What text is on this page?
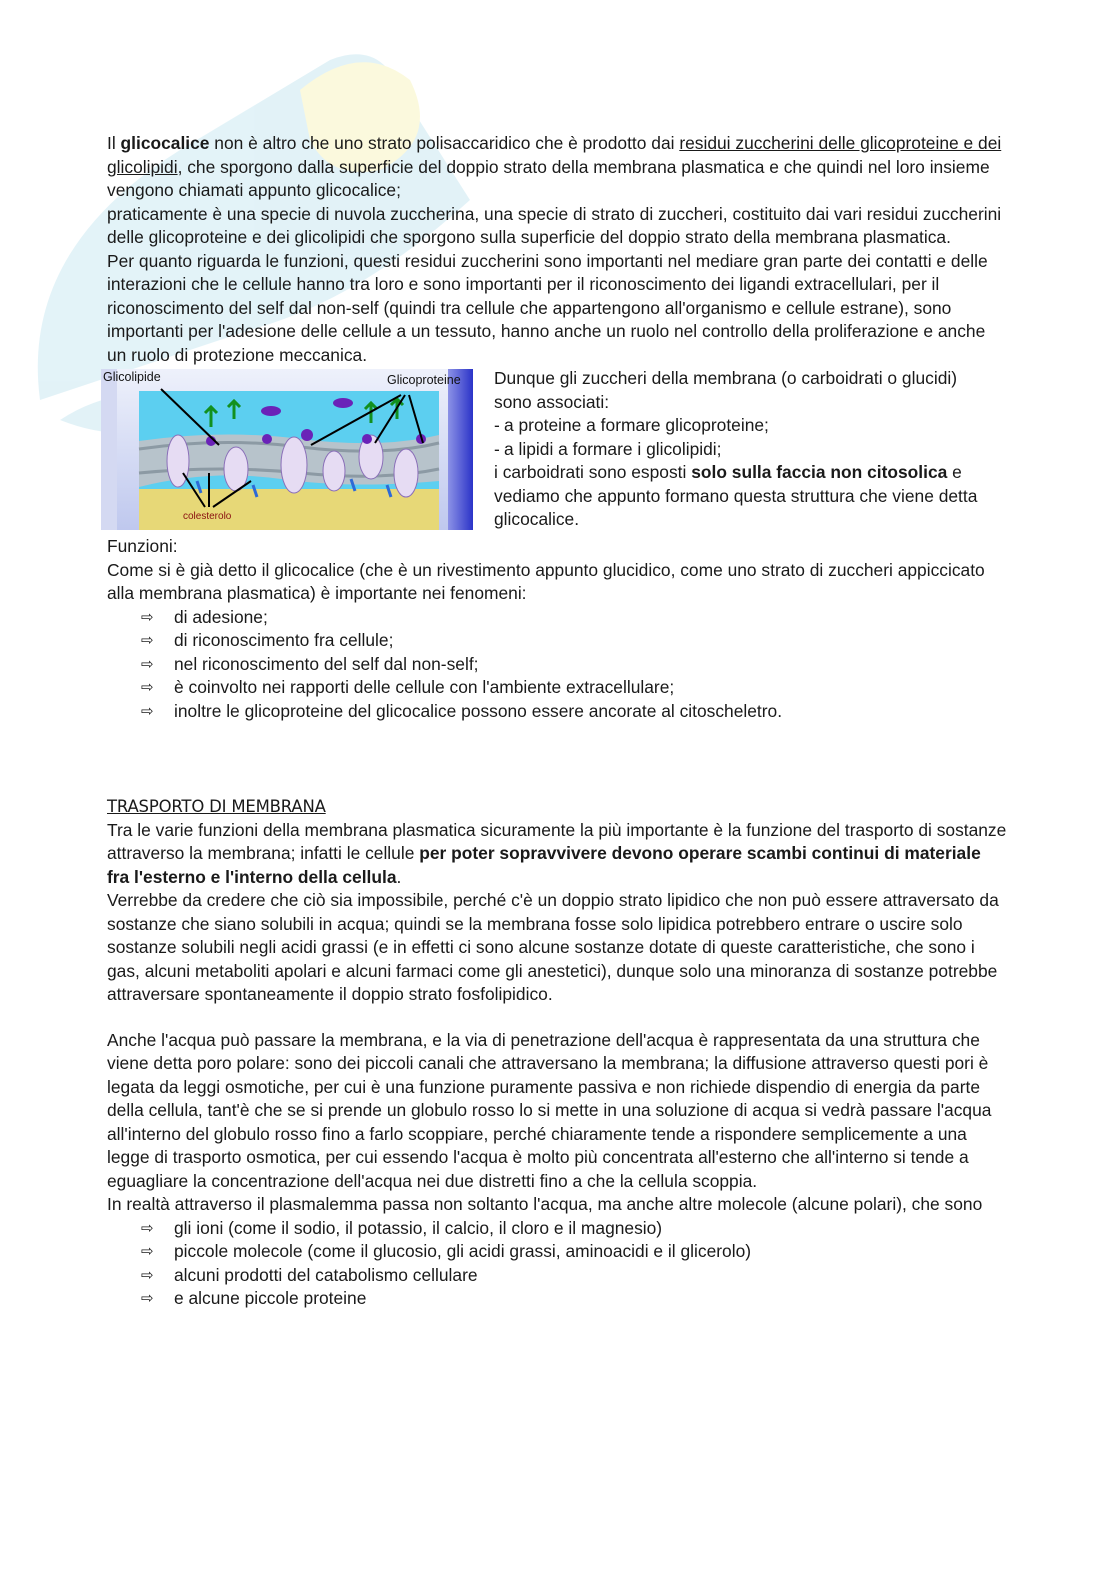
Il glicocalice non è altro che uno strato polisaccaridico che è prodotto dai residui zuccherini delle glicoproteine e dei glicolipidi, che sporgono dalla superficie del doppio strato della membrana plasmatica e che quindi nel loro insieme vengono chiamati appunto glicocalice;

praticamente è una specie di nuvola zuccherina, una specie di strato di zuccheri, costituito dai vari residui zuccherini delle glicoproteine e dei glicolipidi che sporgono sulla superficie del doppio strato della membrana plasmatica.

Per quanto riguarda le funzioni, questi residui zuccherini sono importanti nel mediare gran parte dei contatti e delle interazioni che le cellule hanno tra loro e sono importanti per il riconoscimento dei ligandi extracellulari, per il riconoscimento del self dal non-self (quindi tra cellule che appartengono all'organismo e cellule estrane), sono importanti per l'adesione delle cellule a un tessuto, hanno anche un ruolo nel controllo della proliferazione e anche un ruolo di protezione meccanica.

Glicolipide	Glicoproteine
colesterolo

Dunque gli zuccheri della membrana (o carboidrati o glucidi) sono associati:

- a proteine a formare glicoproteine;

- a lipidi a formare i glicolipidi;

i carboidrati sono esposti solo sulla faccia non citosolica e vediamo che appunto formano questa struttura che viene detta glicocalice.

Funzioni:

Come si è già detto il glicocalice (che è un rivestimento appunto glucidico, come uno strato di zuccheri appiccicato alla membrana plasmatica) è importante nei fenomeni:

⇨ di adesione;
⇨ di riconoscimento fra cellule;
⇨ nel riconoscimento del self dal non-self;
⇨ è coinvolto nei rapporti delle cellule con l'ambiente extracellulare;
⇨ inoltre le glicoproteine del glicocalice possono essere ancorate al citoscheletro.

TRASPORTO DI MEMBRANA

Tra le varie funzioni della membrana plasmatica sicuramente la più importante è la funzione del trasporto di sostanze attraverso la membrana; infatti le cellule per poter sopravvivere devono operare scambi continui di materiale fra l'esterno e l'interno della cellula.

Verrebbe da credere che ciò sia impossibile, perché c'è un doppio strato lipidico che non può essere attraversato da sostanze che siano solubili in acqua; quindi se la membrana fosse solo lipidica potrebbero entrare o uscire solo sostanze solubili negli acidi grassi (e in effetti ci sono alcune sostanze dotate di queste caratteristiche, che sono i gas, alcuni metaboliti apolari e alcuni farmaci come gli anestetici), dunque solo una minoranza di sostanze potrebbe attraversare spontaneamente il doppio strato fosfolipidico.

Anche l'acqua può passare la membrana, e la via di penetrazione dell'acqua è rappresentata da una struttura che viene detta poro polare: sono dei piccoli canali che attraversano la membrana; la diffusione attraverso questi pori è legata da leggi osmotiche, per cui è una funzione puramente passiva e non richiede dispendio di energia da parte della cellula, tant'è che se si prende un globulo rosso lo si mette in una soluzione di acqua si vedrà passare l'acqua all'interno del globulo rosso fino a farlo scoppiare, perché chiaramente tende a rispondere semplicemente a una legge di trasporto osmotica, per cui essendo l'acqua è molto più concentrata all'esterno che all'interno si tende a eguagliare la concentrazione dell'acqua nei due distretti fino a che la cellula scoppia.

In realtà attraverso il plasmalemma passa non soltanto l'acqua, ma anche altre molecole (alcune polari), che sono

⇨ gli ioni (come il sodio, il potassio, il calcio, il cloro e il magnesio)
⇨ piccole molecole (come il glucosio, gli acidi grassi, aminoacidi e il glicerolo)
⇨ alcuni prodotti del catabolismo cellulare
⇨ e alcune piccole proteine
